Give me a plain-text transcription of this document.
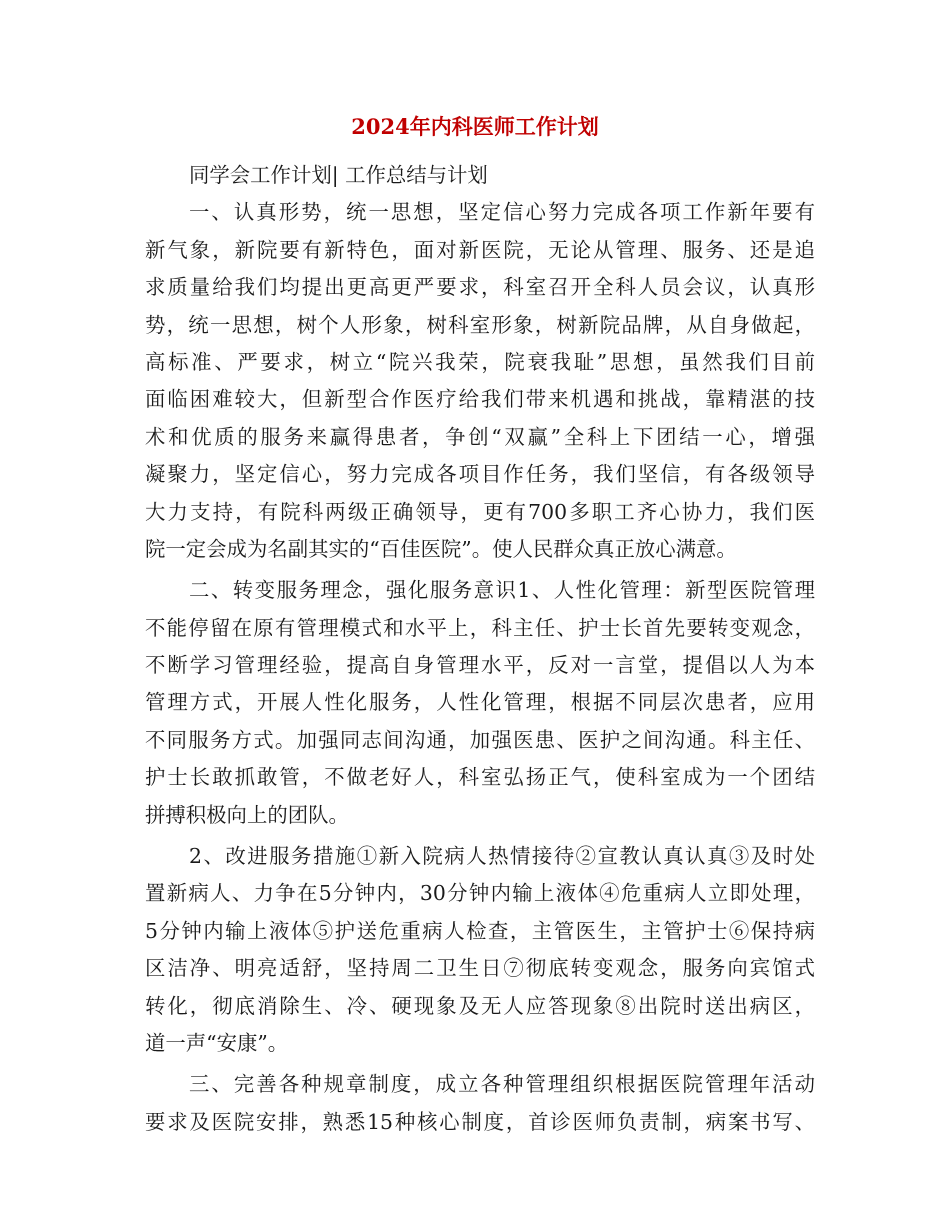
2024年内科医师工作计划
同学会工作计划| 工作总结与计划
一、认真形势，统一思想，坚定信心努力完成各项工作新年要有
新气象，新院要有新特色，面对新医院，无论从管理、服务、还是追
求质量给我们均提出更高更严要求，科室召开全科人员会议，认真形
势，统一思想，树个人形象，树科室形象，树新院品牌，从自身做起，
高标准、严要求，树立“院兴我荣，院衰我耻”思想，虽然我们目前
面临困难较大，但新型合作医疗给我们带来机遇和挑战，靠精湛的技
术和优质的服务来赢得患者，争创“双赢”全科上下团结一心，增强
凝聚力，坚定信心，努力完成各项目作任务，我们坚信，有各级领导
大力支持，有院科两级正确领导，更有700多职工齐心协力，我们医
院一定会成为名副其实的“百佳医院”。使人民群众真正放心满意。
二、转变服务理念，强化服务意识1、人性化管理：新型医院管理
不能停留在原有管理模式和水平上，科主任、护士长首先要转变观念，
不断学习管理经验，提高自身管理水平，反对一言堂，提倡以人为本
管理方式，开展人性化服务，人性化管理，根据不同层次患者，应用
不同服务方式。加强同志间沟通，加强医患、医护之间沟通。科主任、
护士长敢抓敢管，不做老好人，科室弘扬正气，使科室成为一个团结
拼搏积极向上的团队。
2、改进服务措施①新入院病人热情接待②宣教认真认真③及时处
置新病人、力争在5分钟内，30分钟内输上液体④危重病人立即处理，
5分钟内输上液体⑤护送危重病人检查，主管医生，主管护士⑥保持病
区洁净、明亮适舒，坚持周二卫生日⑦彻底转变观念，服务向宾馆式
转化，彻底消除生、冷、硬现象及无人应答现象⑧出院时送出病区，
道一声“安康”。
三、完善各种规章制度，成立各种管理组织根据医院管理年活动
要求及医院安排，熟悉15种核心制度，首诊医师负责制，病案书写、
